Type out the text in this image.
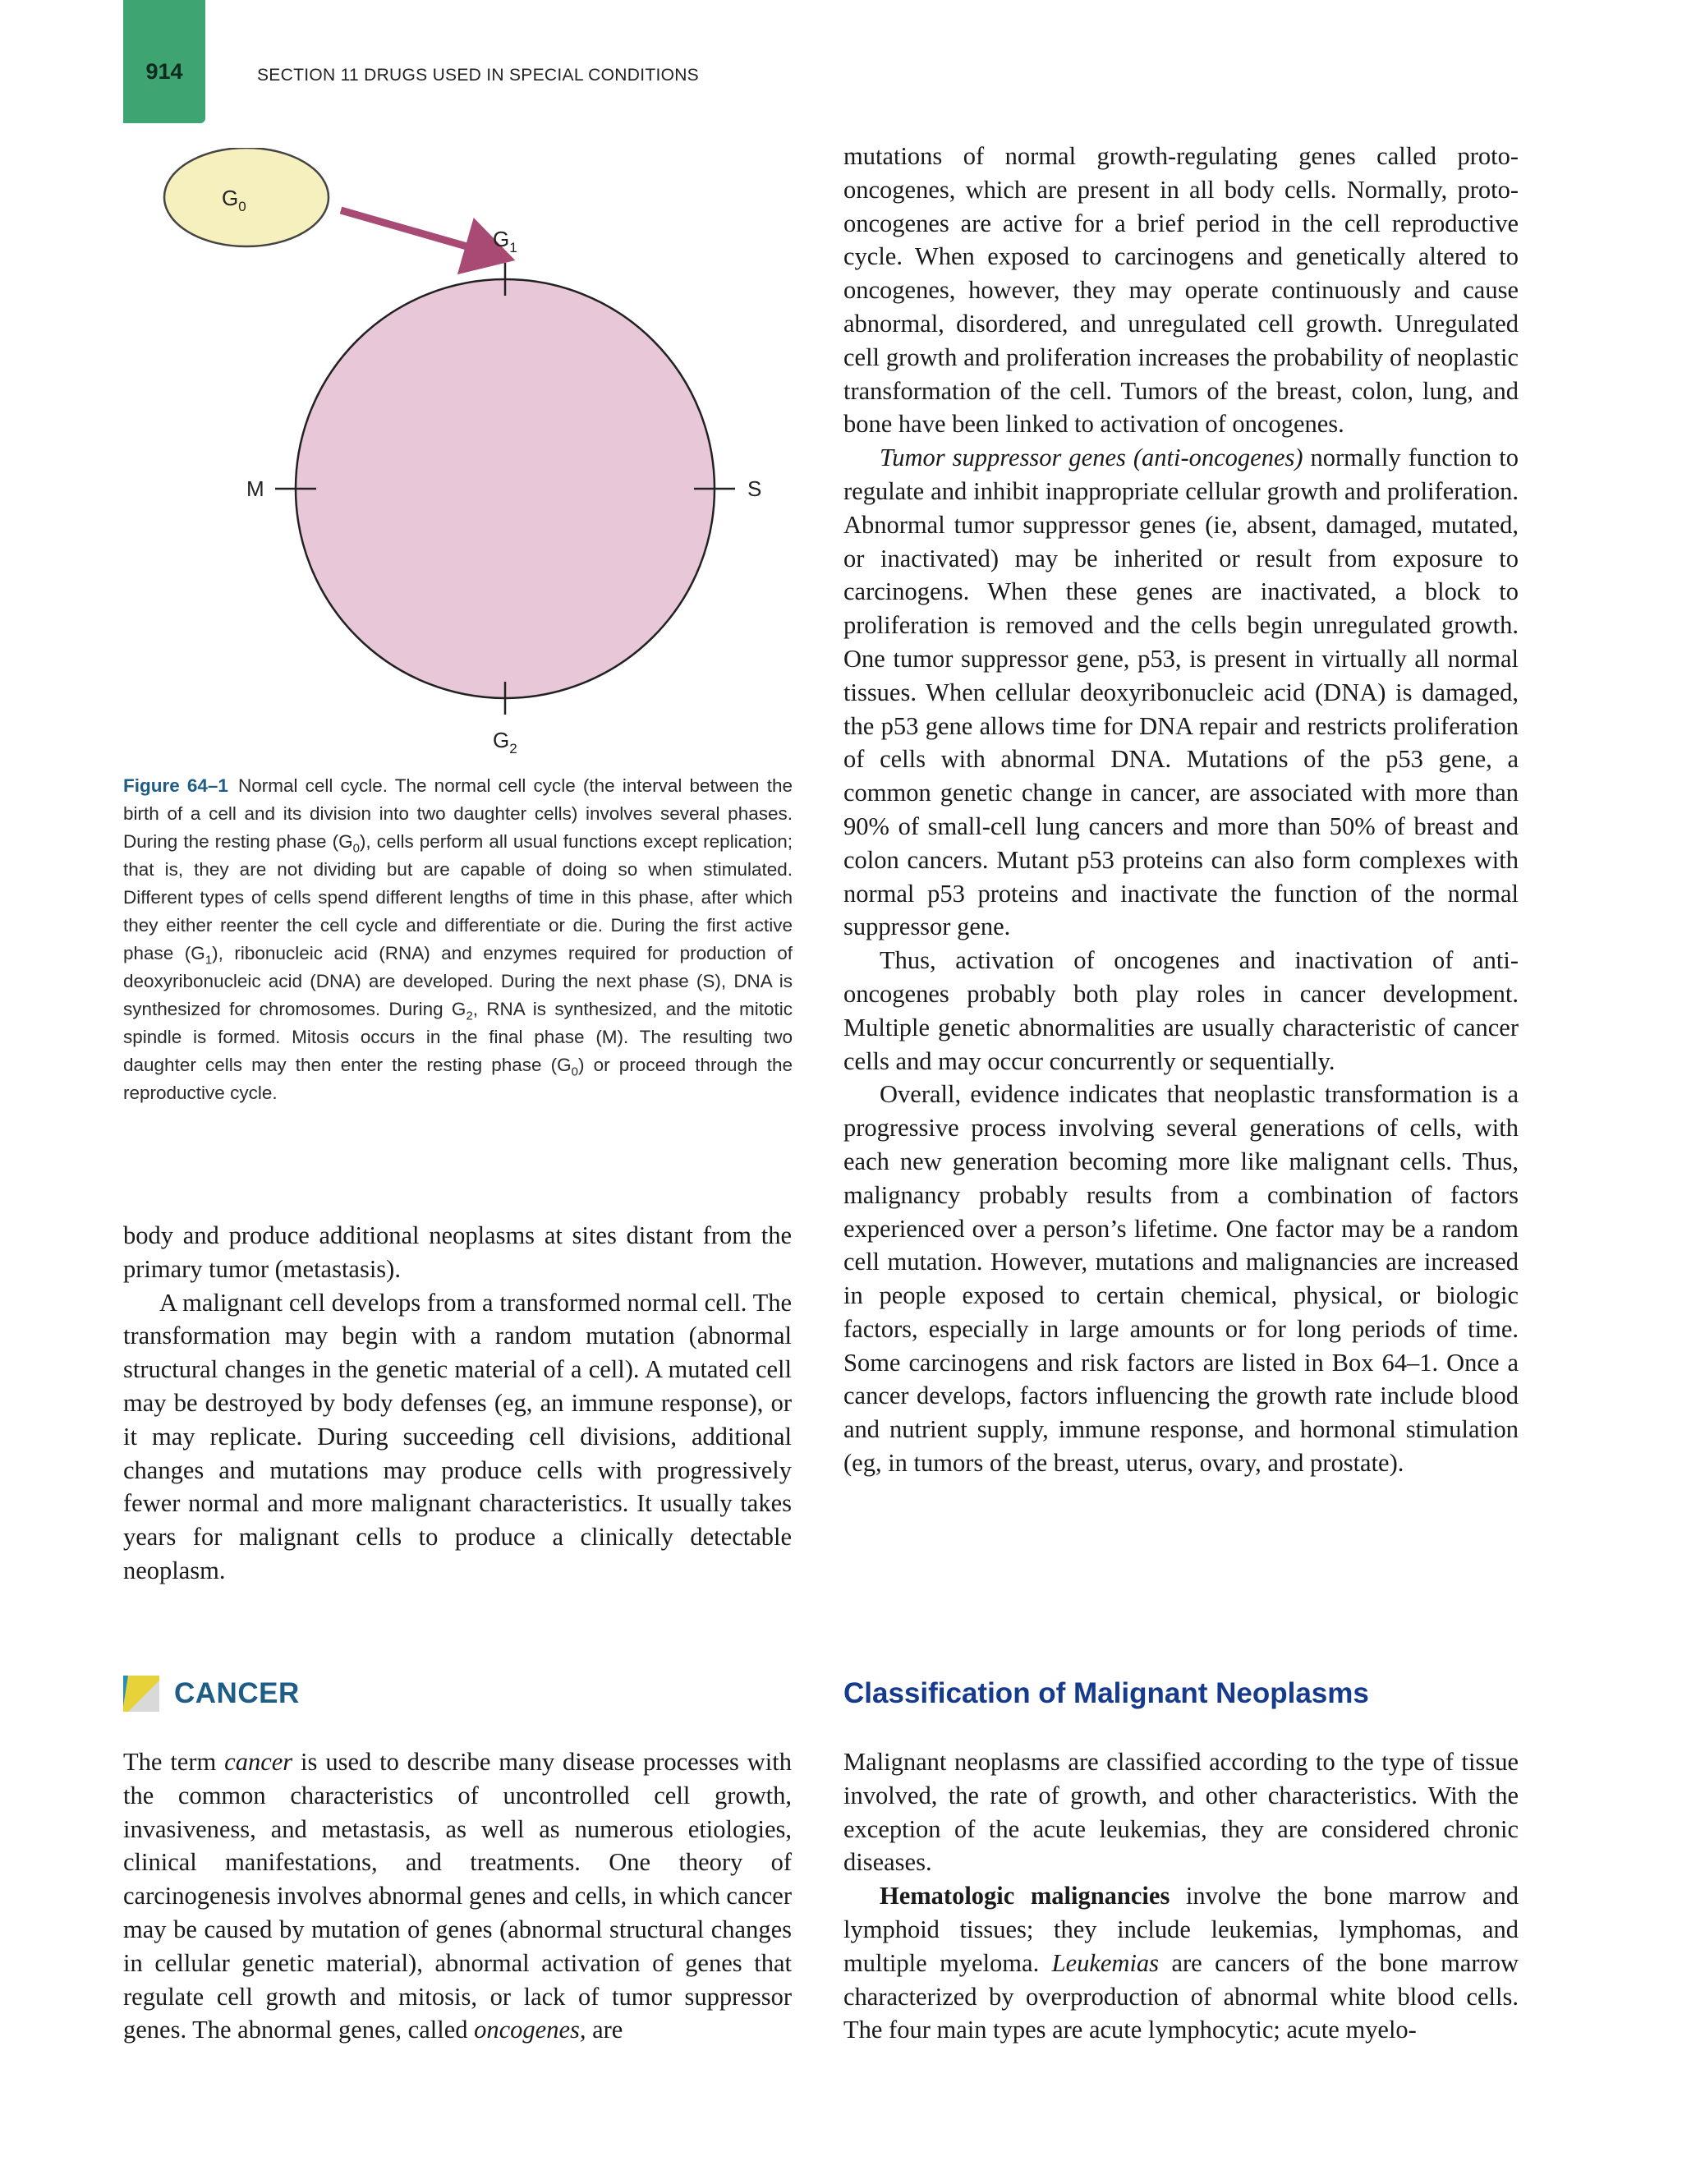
914	SECTION 11 DRUGS USED IN SPECIAL CONDITIONS
$G_0$
$G_1$
$G_2$
M	S
Figure 64–1 Normal cell cycle. The normal cell cycle (the interval between the birth of a cell and its division into two daughter cells) involves several phases. During the resting phase $(G_0)$, cells perform all usual functions except replication; that is, they are not dividing but are capable of doing so when stimulated. Different types of cells spend different lengths of time in this phase, after which they either reenter the cell cycle and differentiate or die. During the first active phase $(G_1)$, ribonucleic acid (RNA) and enzymes required for production of deoxyribonucleic acid (DNA) are developed. During the next phase (S), DNA is synthesized for chromosomes. During $G_2$, RNA is synthesized, and the mitotic spindle is formed. Mitosis occurs in the final phase (M). The resulting two daughter cells may then enter the resting phase $(G_0)$ or proceed through the reproductive cycle.

body and produce additional neoplasms at sites distant from the primary tumor (metastasis).

A malignant cell develops from a transformed normal cell. The transformation may begin with a random mutation (abnormal structural changes in the genetic material of a cell). A mutated cell may be destroyed by body defenses (eg, an immune response), or it may replicate. During succeeding cell divisions, additional changes and mutations may produce cells with progressively fewer normal and more malignant characteristics. It usually takes years for malignant cells to produce a clinically detectable neoplasm.

CANCER

The term cancer is used to describe many disease processes with the common characteristics of uncontrolled cell growth, invasiveness, and metastasis, as well as numerous etiologies, clinical manifestations, and treatments. One theory of carcinogenesis involves abnormal genes and cells, in which cancer may be caused by mutation of genes (abnormal structural changes in cellular genetic material), abnormal activation of genes that regulate cell growth and mitosis, or lack of tumor suppressor genes. The abnormal genes, called oncogenes, are

mutations of normal growth-regulating genes called proto-oncogenes, which are present in all body cells. Normally, proto-oncogenes are active for a brief period in the cell reproductive cycle. When exposed to carcinogens and genetically altered to oncogenes, however, they may operate continuously and cause abnormal, disordered, and unregulated cell growth. Unregulated cell growth and proliferation increases the probability of neoplastic transformation of the cell. Tumors of the breast, colon, lung, and bone have been linked to activation of oncogenes.

Tumor suppressor genes (anti-oncogenes) normally function to regulate and inhibit inappropriate cellular growth and proliferation. Abnormal tumor suppressor genes (ie, absent, damaged, mutated, or inactivated) may be inherited or result from exposure to carcinogens. When these genes are inactivated, a block to proliferation is removed and the cells begin unregulated growth. One tumor suppressor gene, p53, is present in virtually all normal tissues. When cellular deoxyribonucleic acid (DNA) is damaged, the p53 gene allows time for DNA repair and restricts proliferation of cells with abnormal DNA. Mutations of the p53 gene, a common genetic change in cancer, are associated with more than 90% of small-cell lung cancers and more than 50% of breast and colon cancers. Mutant p53 proteins can also form complexes with normal p53 proteins and inactivate the function of the normal suppressor gene.

Thus, activation of oncogenes and inactivation of anti-oncogenes probably both play roles in cancer development. Multiple genetic abnormalities are usually characteristic of cancer cells and may occur concurrently or sequentially.

Overall, evidence indicates that neoplastic transformation is a progressive process involving several generations of cells, with each new generation becoming more like malignant cells. Thus, malignancy probably results from a combination of factors experienced over a person’s lifetime. One factor may be a random cell mutation. However, mutations and malignancies are increased in people exposed to certain chemical, physical, or biologic factors, especially in large amounts or for long periods of time. Some carcinogens and risk factors are listed in Box 64–1. Once a cancer develops, factors influencing the growth rate include blood and nutrient supply, immune response, and hormonal stimulation (eg, in tumors of the breast, uterus, ovary, and prostate).

Classification of Malignant Neoplasms

Malignant neoplasms are classified according to the type of tissue involved, the rate of growth, and other characteristics. With the exception of the acute leukemias, they are considered chronic diseases.

Hematologic malignancies involve the bone marrow and lymphoid tissues; they include leukemias, lymphomas, and multiple myeloma. Leukemias are cancers of the bone marrow characterized by overproduction of abnormal white blood cells. The four main types are acute lymphocytic; acute myelo-
